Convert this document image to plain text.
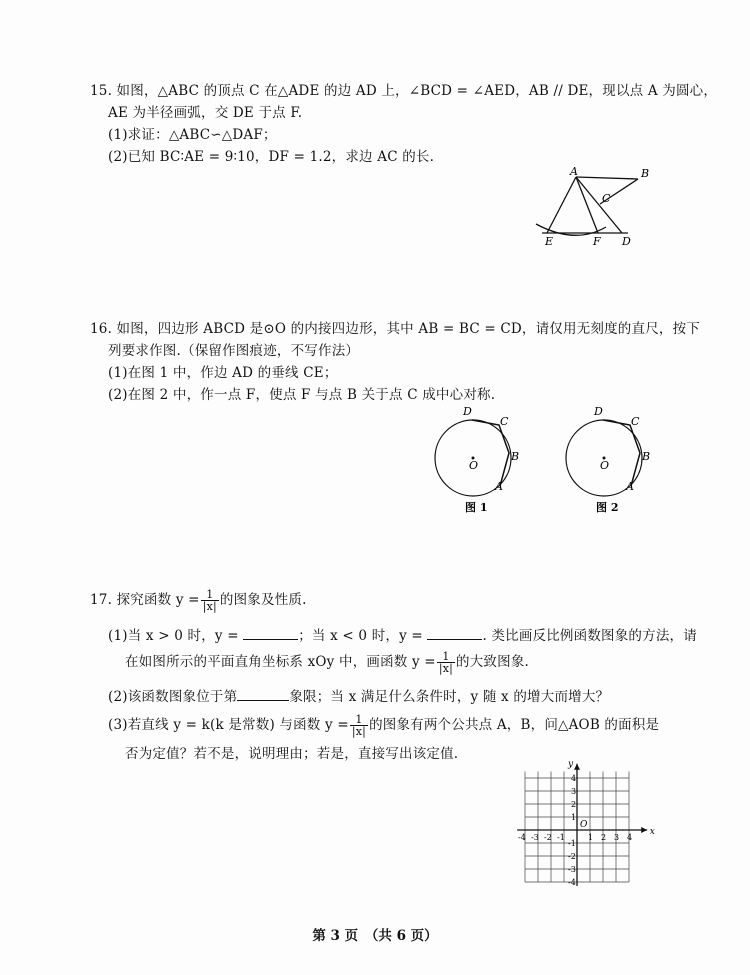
15. 如图，△ABC 的顶点 C 在△ADE 的边 AD 上，∠BCD = ∠AED，AB // DE，现以点 A 为圆心，
AE 为半径画弧，交 DE 于点 F.
(1)求证：△ABC∽△DAF；
(2)已知 BC∶AE = 9∶10，DF = 1.2，求边 AC 的长.
A	B
C
E	F D
16. 如图，四边形 ABCD 是⊙O 的内接四边形，其中 AB = BC = CD，请仅用无刻度的直尺，按下
列要求作图.（保留作图痕迹，不写作法）
(1)在图 1 中，作边 AD 的垂线 CE；
(2)在图 2 中，作一点 F，使点 F 与点 B 关于点 C 成中心对称.
D
C
B
A
O
图 1
D
C
B
A
O
图 2
17. 探究函数 $y = \frac{1}{|x|}$ 的图象及性质.
(1)当 x > 0 时，y =	；当 x < 0 时，y =	. 类比画反比例函数图象的方法，请
在如图所示的平面直角坐标系 xOy 中，画函数 $y = \frac{1}{|x|}$ 的大致图象.
(2)该函数图象位于第	象限；当 x 满足什么条件时，y 随 x 的增大而增大？
(3)若直线 y = k(k 是常数) 与函数 $y = \frac{1}{|x|}$ 的图象有两个公共点 A，B，问△AOB 的面积是
否为定值？若不是，说明理由；若是，直接写出该定值.
x
y
O
-4 -3 -2 -1	1 2 3 4
4
3
2
1
-1
-2
-3
-4
第 3 页　（共 6 页）
